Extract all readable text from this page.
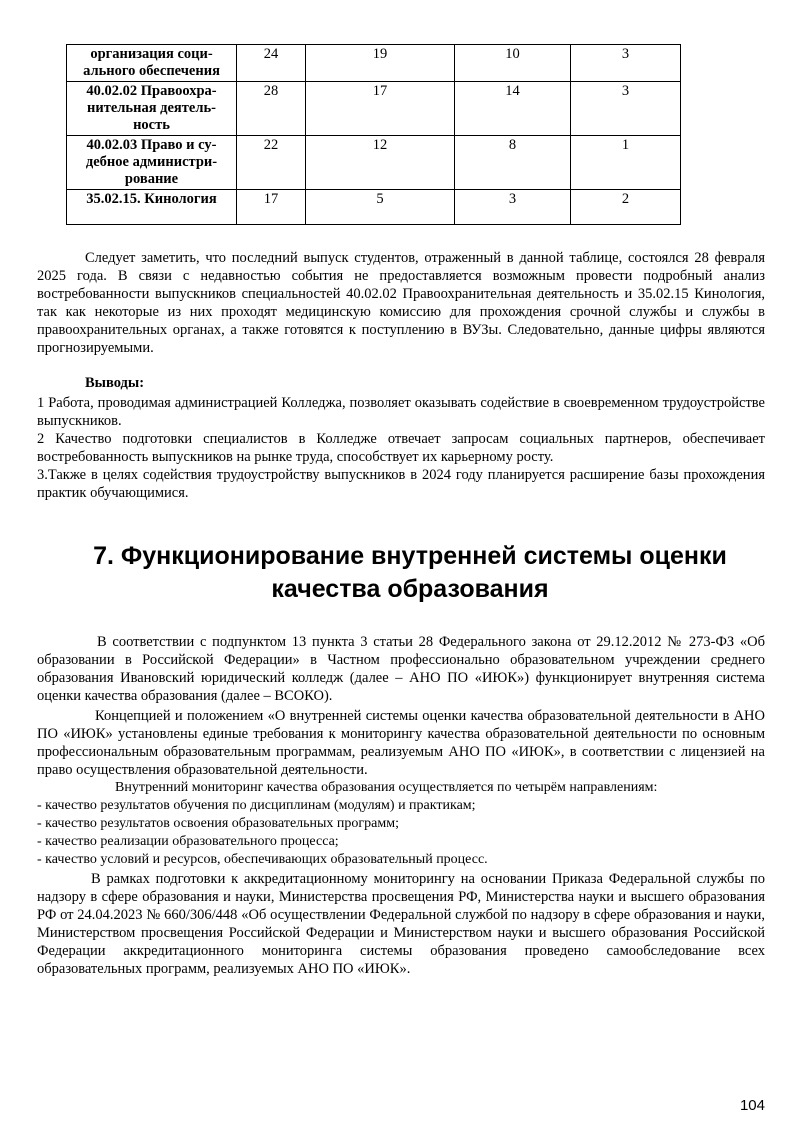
организация соци-ального обеспечения	24	19	10	3
40.02.02 Правоохра-нительная деятель-ность	28	17	14	3
40.02.03 Право и су-дебное администри-рование	22	12	8	1
35.02.15. Кинология	17	5	3	2

Следует заметить, что последний выпуск студентов, отраженный в данной таблице, состоялся 28 февраля 2025 года. В связи с недавностью события не предоставляется возможным провести подробный анализ востребованности выпускников специальностей 40.02.02 Правоохранительная деятельность и 35.02.15 Кинология, так как некоторые из них проходят медицинскую комиссию для прохождения срочной службы и службы в правоохранительных органах, а также готовятся к поступлению в ВУЗы. Следовательно, данные цифры являются прогнозируемыми.

Выводы:

1 Работа, проводимая администрацией Колледжа, позволяет оказывать содействие в своевременном трудоустройстве выпускников.

2 Качество подготовки специалистов в Колледже отвечает запросам социальных партнеров, обеспечивает востребованность выпускников на рынке труда, способствует их карьерному росту.

3.Также в целях содействия трудоустройству выпускников в 2024 году планируется расширение базы прохождения практик обучающимися.

7. Функционирование внутренней системы оценки качества образования

В соответствии с подпунктом 13 пункта 3 статьи 28 Федерального закона от 29.12.2012 № 273-ФЗ «Об образовании в Российской Федерации» в Частном профессионально образовательном учреждении среднего образования Ивановский юридический колледж (далее – АНО ПО «ИЮК») функционирует внутренняя система оценки качества образования (далее – ВСОКО).

Концепцией и положением «О внутренней системы оценки качества образовательной деятельности в АНО ПО «ИЮК» установлены единые требования к мониторингу качества образовательной деятельности по основным профессиональным образовательным программам, реализуемым АНО ПО «ИЮК», в соответствии с лицензией на право осуществления образовательной деятельности.

Внутренний мониторинг качества образования осуществляется по четырём направлениям:

- качество результатов обучения по дисциплинам (модулям) и практикам;

- качество результатов освоения образовательных программ;

- качество реализации образовательного процесса;

- качество условий и ресурсов, обеспечивающих образовательный процесс.

В рамках подготовки к аккредитационному мониторингу на основании Приказа Федеральной службы по надзору в сфере образования и науки, Министерства просвещения РФ, Министерства науки и высшего образования РФ от 24.04.2023 № 660/306/448 «Об осуществлении Федеральной службой по надзору в сфере образования и науки, Министерством просвещения Российской Федерации и Министерством науки и высшего образования Российской Федерации аккредитационного мониторинга системы образования проведено самообследование всех образовательных программ, реализуемых АНО ПО «ИЮК».

104
